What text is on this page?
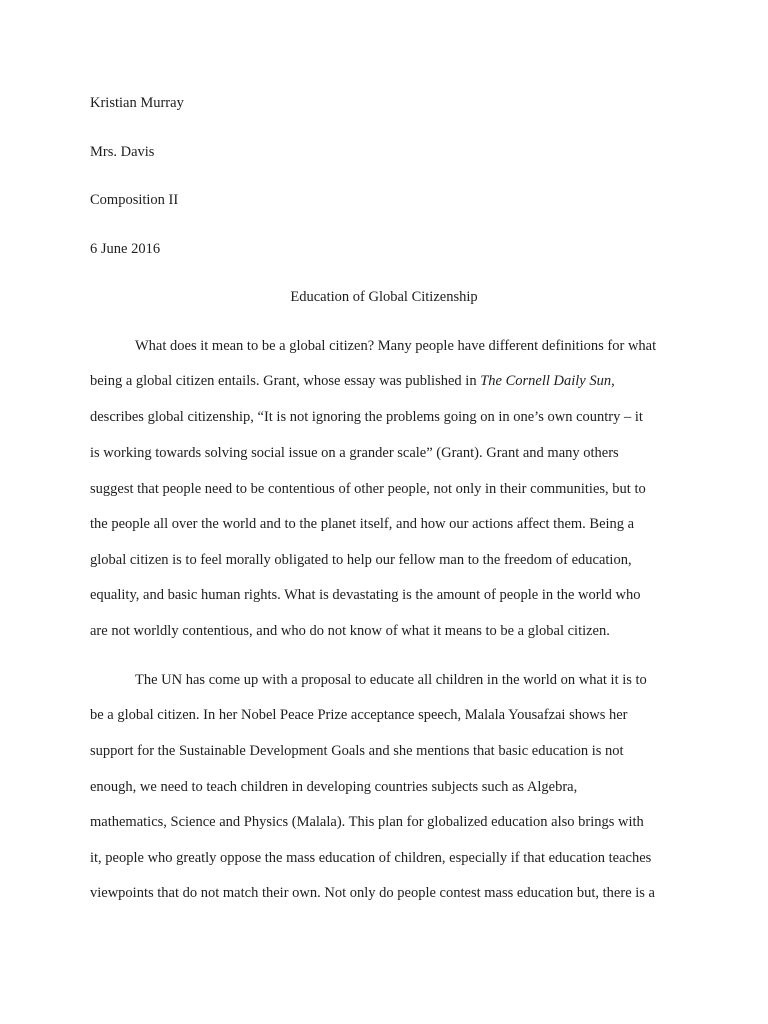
Kristian Murray
Mrs. Davis
Composition II
6 June 2016
Education of Global Citizenship
What does it mean to be a global citizen? Many people have different definitions for what
being a global citizen entails. Grant, whose essay was published in The Cornell Daily Sun,
describes global citizenship, “It is not ignoring the problems going on in one’s own country – it
is working towards solving social issue on a grander scale” (Grant). Grant and many others
suggest that people need to be contentious of other people, not only in their communities, but to
the people all over the world and to the planet itself, and how our actions affect them. Being a
global citizen is to feel morally obligated to help our fellow man to the freedom of education,
equality, and basic human rights. What is devastating is the amount of people in the world who
are not worldly contentious, and who do not know of what it means to be a global citizen.
The UN has come up with a proposal to educate all children in the world on what it is to
be a global citizen. In her Nobel Peace Prize acceptance speech, Malala Yousafzai shows her
support for the Sustainable Development Goals and she mentions that basic education is not
enough, we need to teach children in developing countries subjects such as Algebra,
mathematics, Science and Physics (Malala). This plan for globalized education also brings with
it, people who greatly oppose the mass education of children, especially if that education teaches
viewpoints that do not match their own. Not only do people contest mass education but, there is a
